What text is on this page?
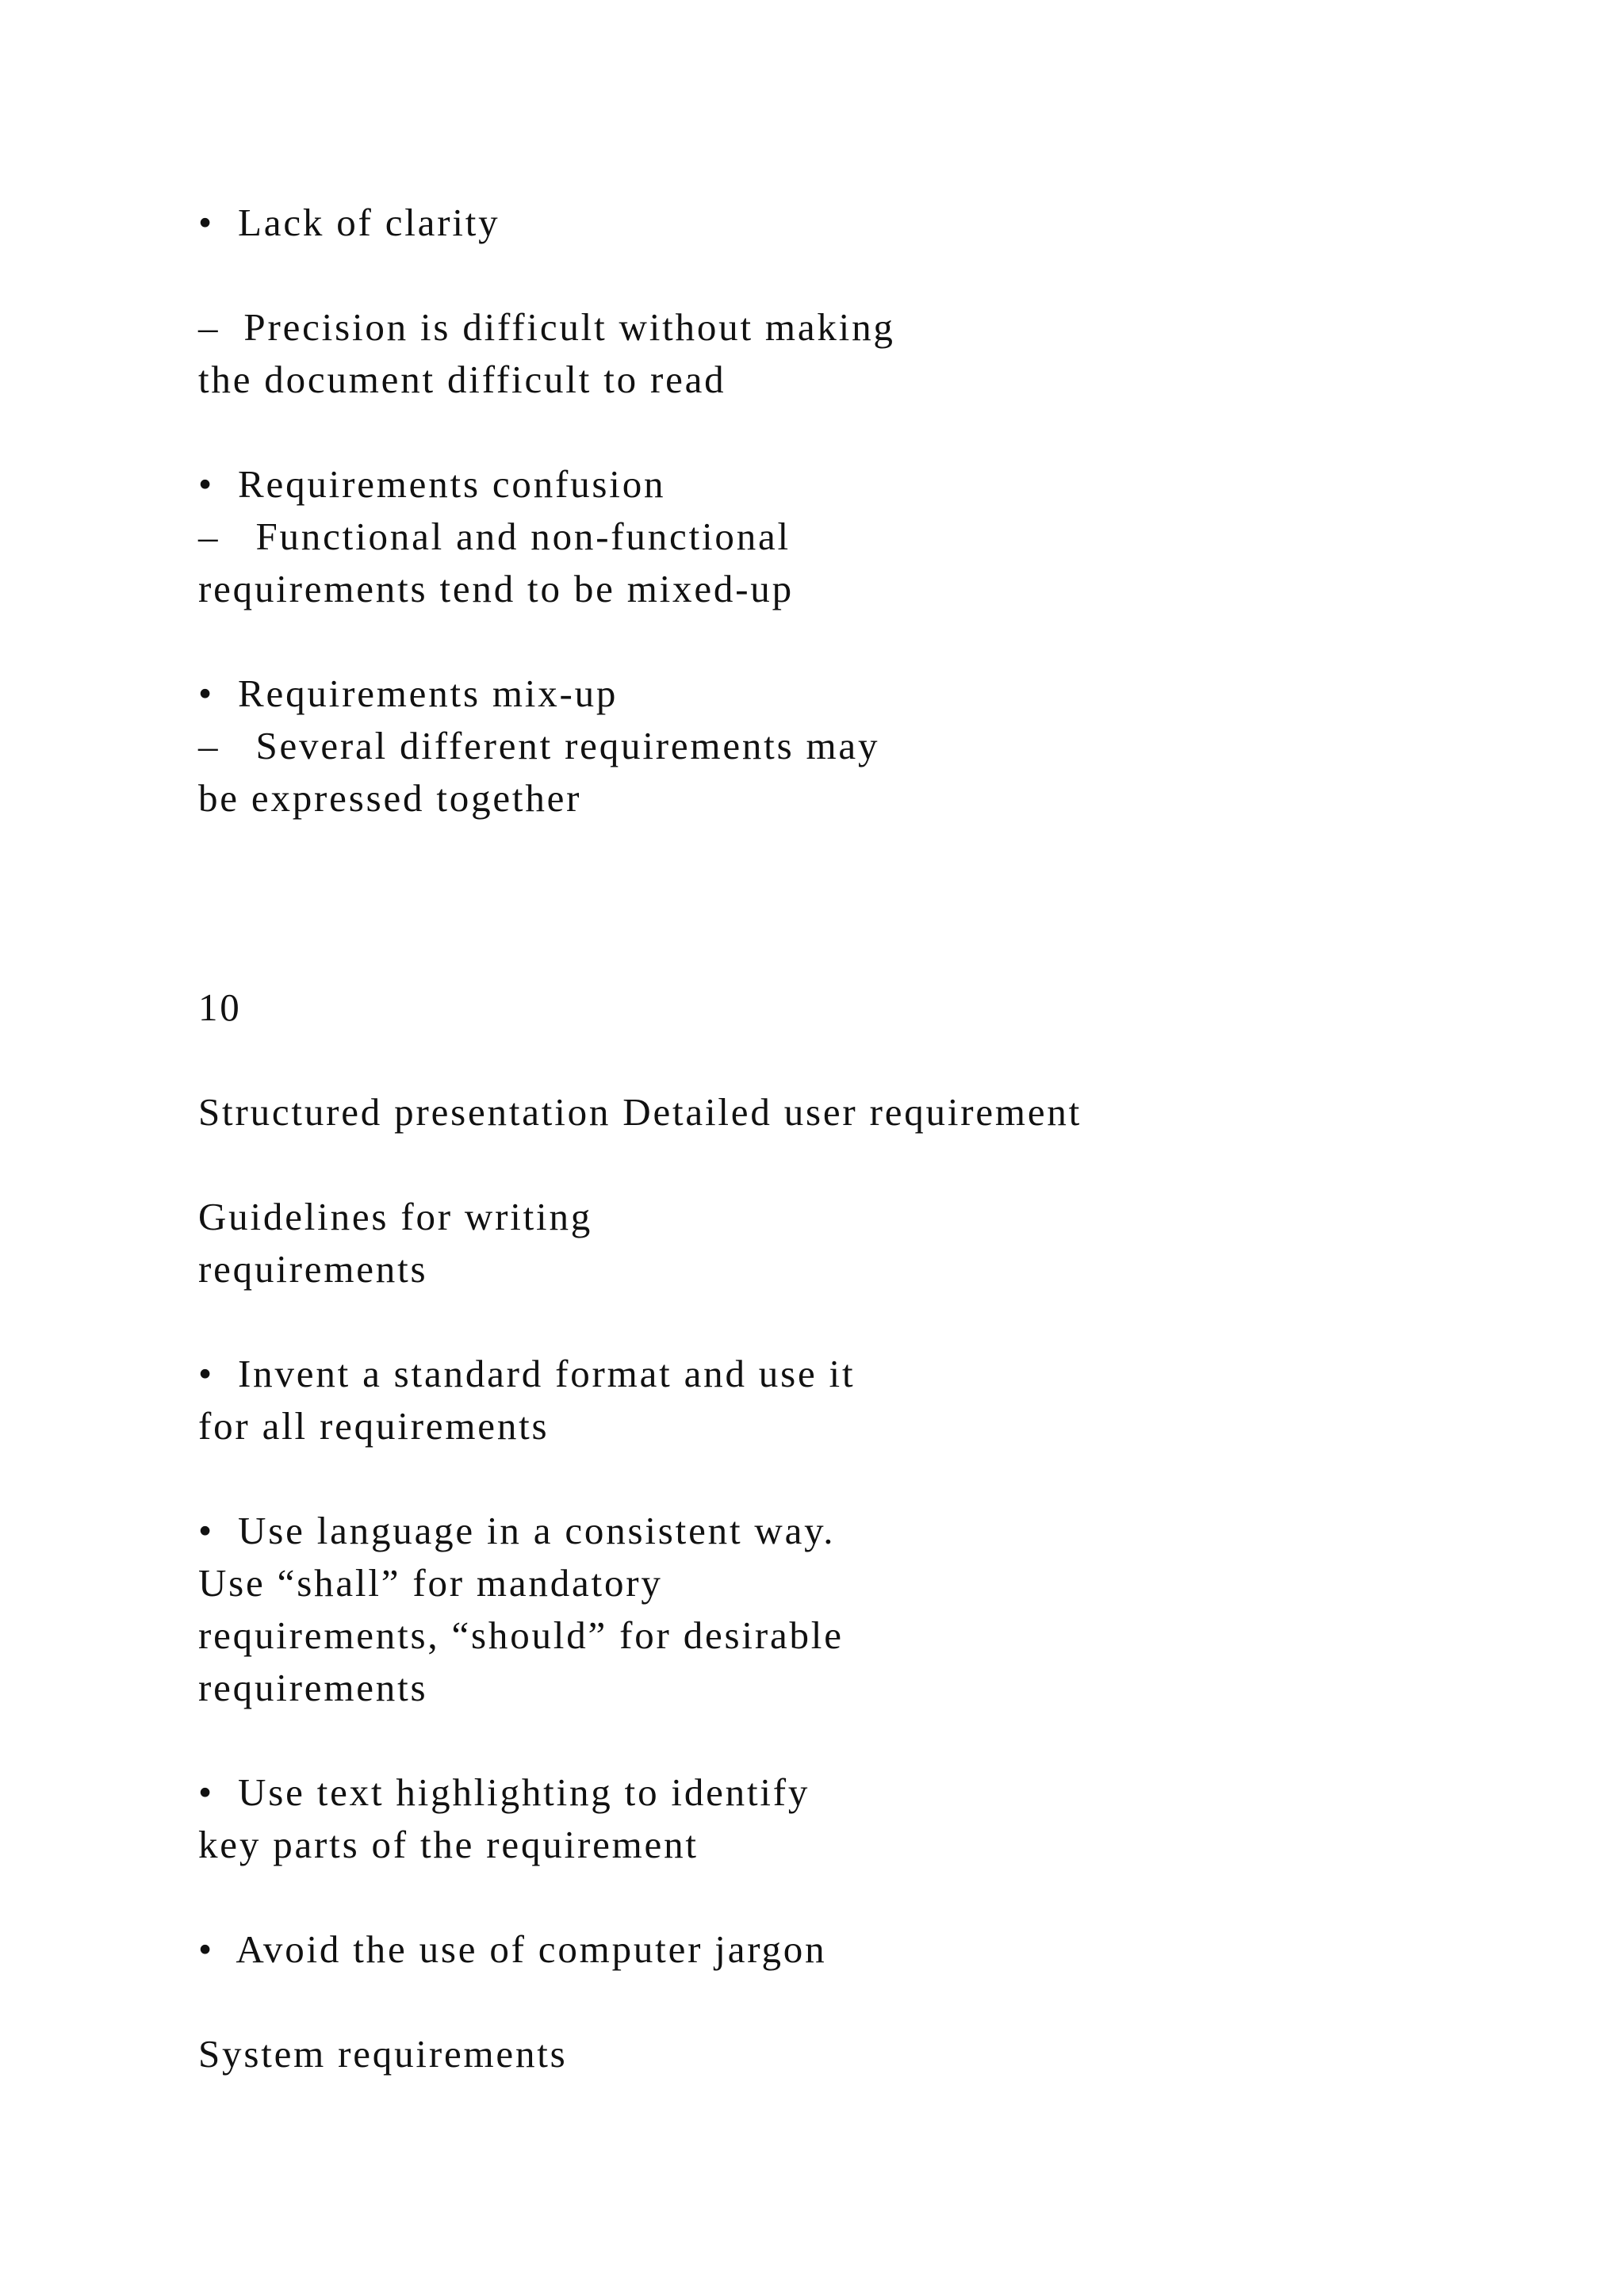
•  Lack of clarity

–  Precision is difficult without making

the document difficult to read

•  Requirements confusion

–   Functional and non-functional

requirements tend to be mixed-up

•  Requirements mix-up

–   Several different requirements may

be expressed together

10

Structured presentation Detailed user requirement

Guidelines for writing

requirements

•  Invent a standard format and use it

for all requirements

•  Use language in a consistent way.

Use “shall” for mandatory

requirements, “should” for desirable

requirements

•  Use text highlighting to identify

key parts of the requirement

•  Avoid the use of computer jargon

System requirements
